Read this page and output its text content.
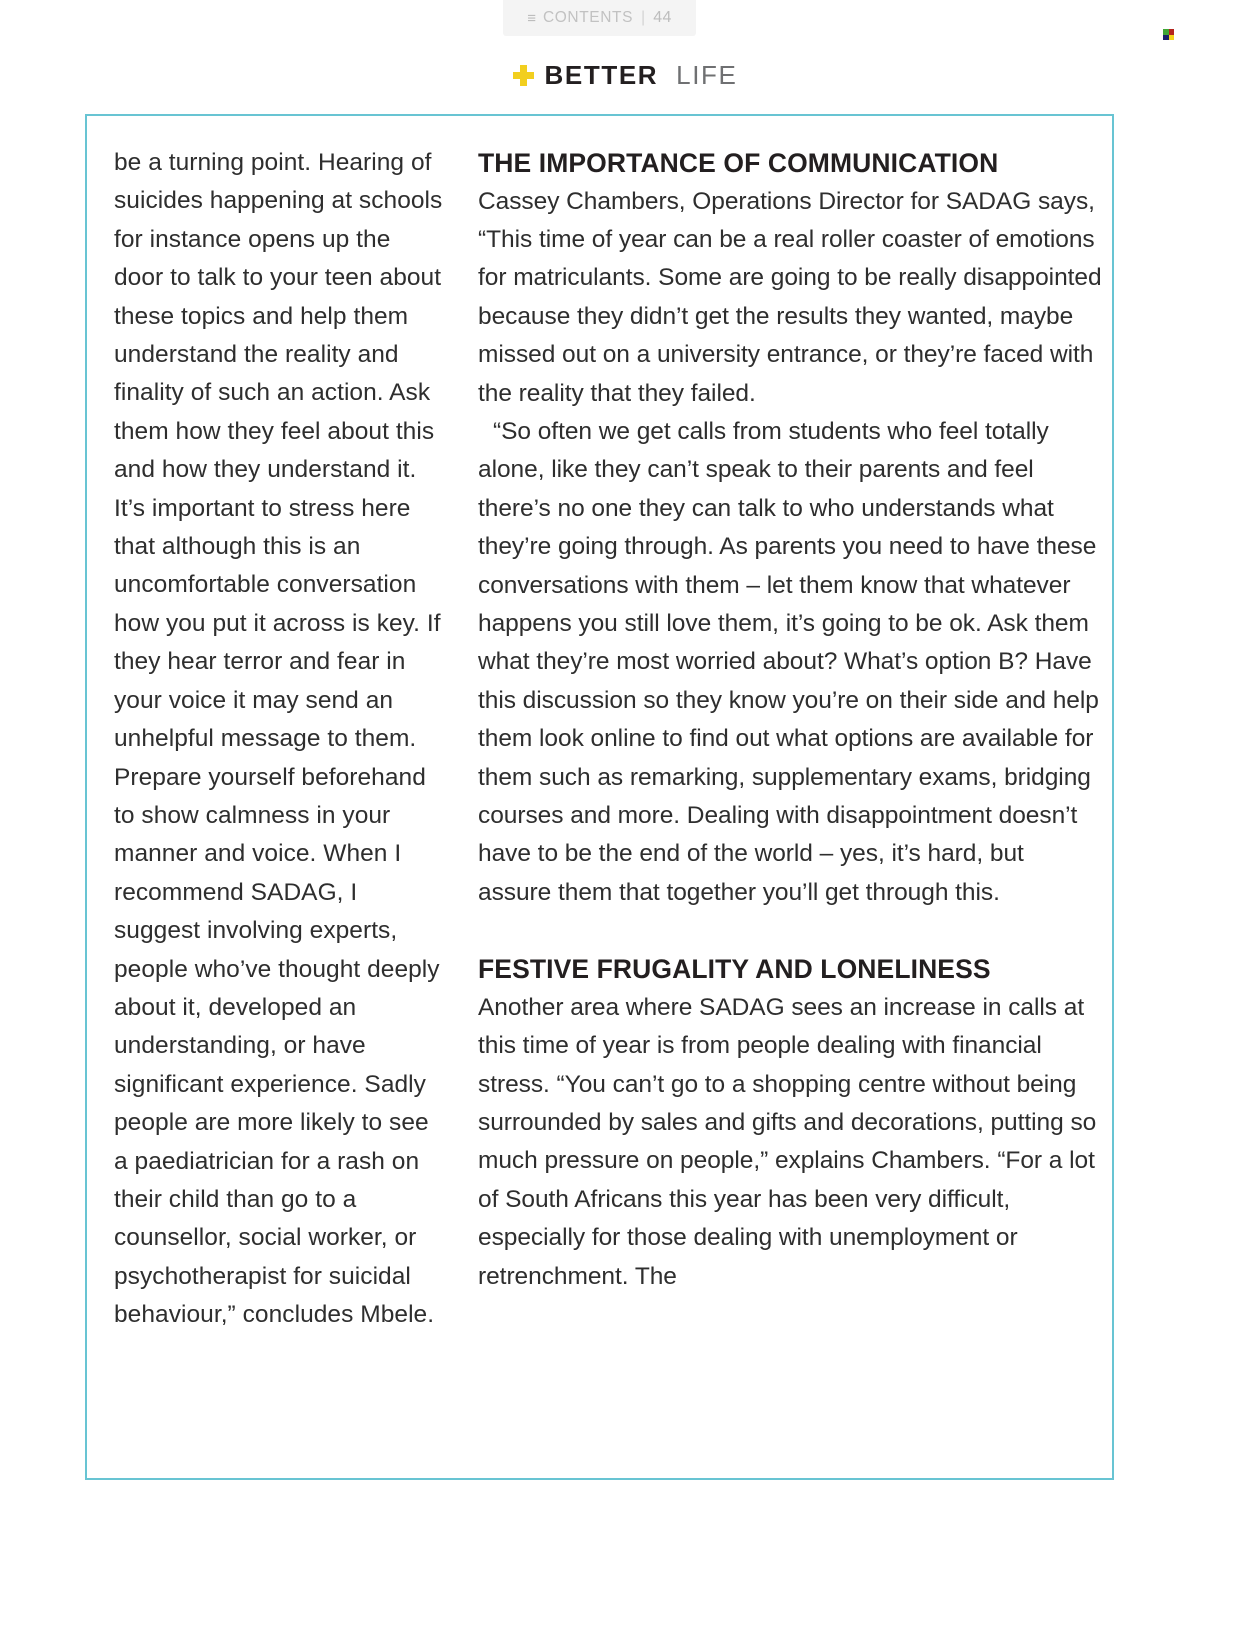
≡ CONTENTS | 44
BETTER LIFE

be a turning point. Hearing of suicides happening at schools for instance opens up the door to talk to your teen about these topics and help them understand the reality and finality of such an action. Ask them how they feel about this and how they understand it. It’s important to stress here that although this is an uncomfortable conversation how you put it across is key. If they hear terror and fear in your voice it may send an unhelpful message to them. Prepare yourself beforehand to show calmness in your manner and voice. When I recommend SADAG, I suggest involving experts, people who’ve thought deeply about it, developed an understanding, or have significant experience. Sadly people are more likely to see a paediatrician for a rash on their child than go to a counsellor, social worker, or psychotherapist for suicidal behaviour,” concludes Mbele.

THE IMPORTANCE OF COMMUNICATION

Cassey Chambers, Operations Director for SADAG says, “This time of year can be a real roller coaster of emotions for matriculants. Some are going to be really disappointed because they didn’t get the results they wanted, maybe missed out on a university entrance, or they’re faced with the reality that they failed.

“So often we get calls from students who feel totally alone, like they can’t speak to their parents and feel there’s no one they can talk to who understands what they’re going through. As parents you need to have these conversations with them – let them know that whatever happens you still love them, it’s going to be ok. Ask them what they’re most worried about? What’s option B? Have this discussion so they know you’re on their side and help them look online to find out what options are available for them such as remarking, supplementary exams, bridging courses and more. Dealing with disappointment doesn’t have to be the end of the world – yes, it’s hard, but assure them that together you’ll get through this.

FESTIVE FRUGALITY AND LONELINESS

Another area where SADAG sees an increase in calls at this time of year is from people dealing with financial stress. “You can’t go to a shopping centre without being surrounded by sales and gifts and decorations, putting so much pressure on people,” explains Chambers. “For a lot of South Africans this year has been very difficult, especially for those dealing with unemployment or retrenchment. The
